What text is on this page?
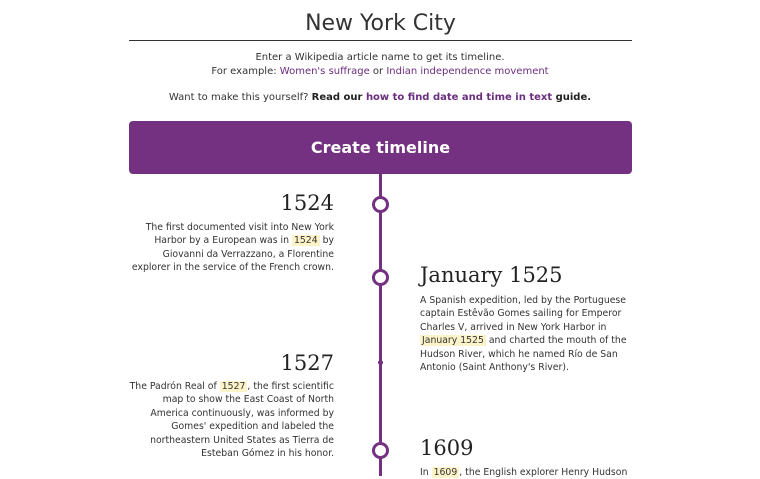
New York City
Enter a Wikipedia article name to get its timeline.
For example: Women's suffrage or Indian independence movement
Want to make this yourself? Read our how to find date and time in text guide.
Create timeline
1524
The first documented visit into New York Harbor by a European was in 1524 by Giovanni da Verrazzano, a Florentine explorer in the service of the French crown.	January 1525
A Spanish expedition, led by the Portuguese captain Estêvão Gomes sailing for Emperor Charles V, arrived in New York Harbor in January 1525 and charted the mouth of the Hudson River, which he named Río de San Antonio (Saint Anthony's River).
1527
The Padrón Real of 1527 , the first scientific map to show the East Coast of North America continuously, was informed by Gomes' expedition and labeled the northeastern United States as Tierra de Esteban Gómez in his honor.	1609
In 1609 , the English explorer Henry Hudson
